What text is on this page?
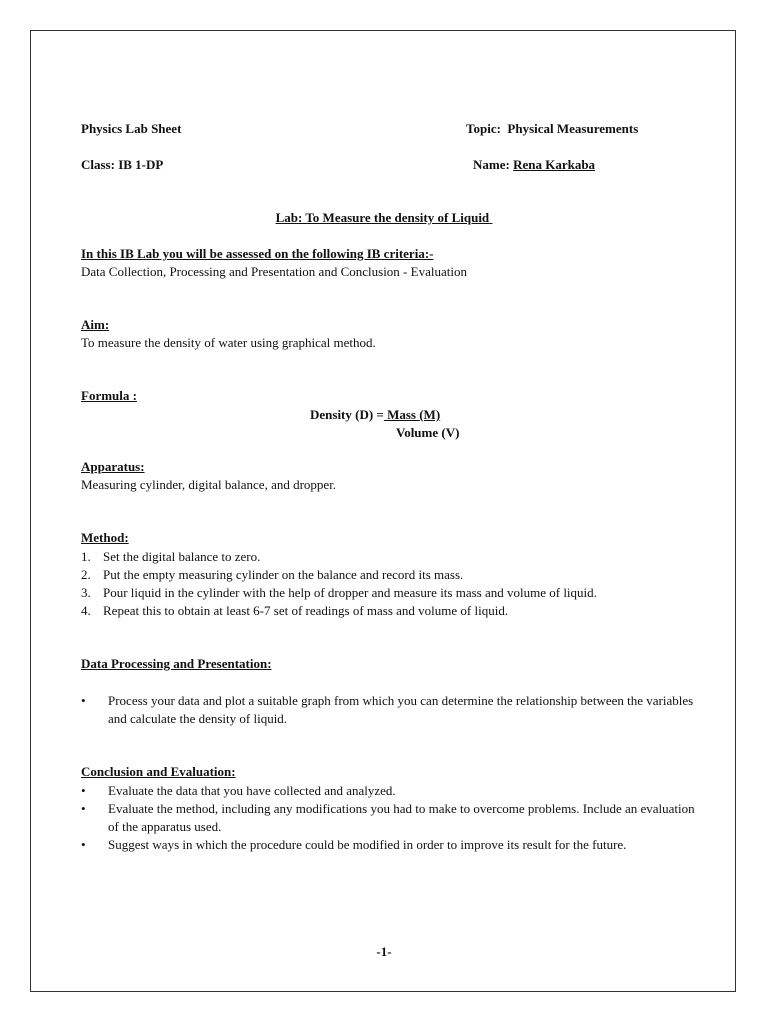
Physics Lab Sheet	Topic: Physical Measurements
Class: IB 1-DP	Name: Rena Karkaba
Lab: To Measure the density of Liquid
In this IB Lab you will be assessed on the following IB criteria:-
Data Collection, Processing and Presentation and Conclusion - Evaluation
Aim:
To measure the density of water using graphical method.
Formula :
Density (D) = Mass (M)
Volume (V)
Apparatus:
Measuring cylinder, digital balance, and dropper.
Method:
1. Set the digital balance to zero.
2. Put the empty measuring cylinder on the balance and record its mass.
3. Pour liquid in the cylinder with the help of dropper and measure its mass and volume of liquid.
4. Repeat this to obtain at least 6-7 set of readings of mass and volume of liquid.
Data Processing and Presentation:
• Process your data and plot a suitable graph from which you can determine the relationship between the variables and calculate the density of liquid.
Conclusion and Evaluation:
• Evaluate the data that you have collected and analyzed.
• Evaluate the method, including any modifications you had to make to overcome problems. Include an evaluation of the apparatus used.
• Suggest ways in which the procedure could be modified in order to improve its result for the future.
-1-
